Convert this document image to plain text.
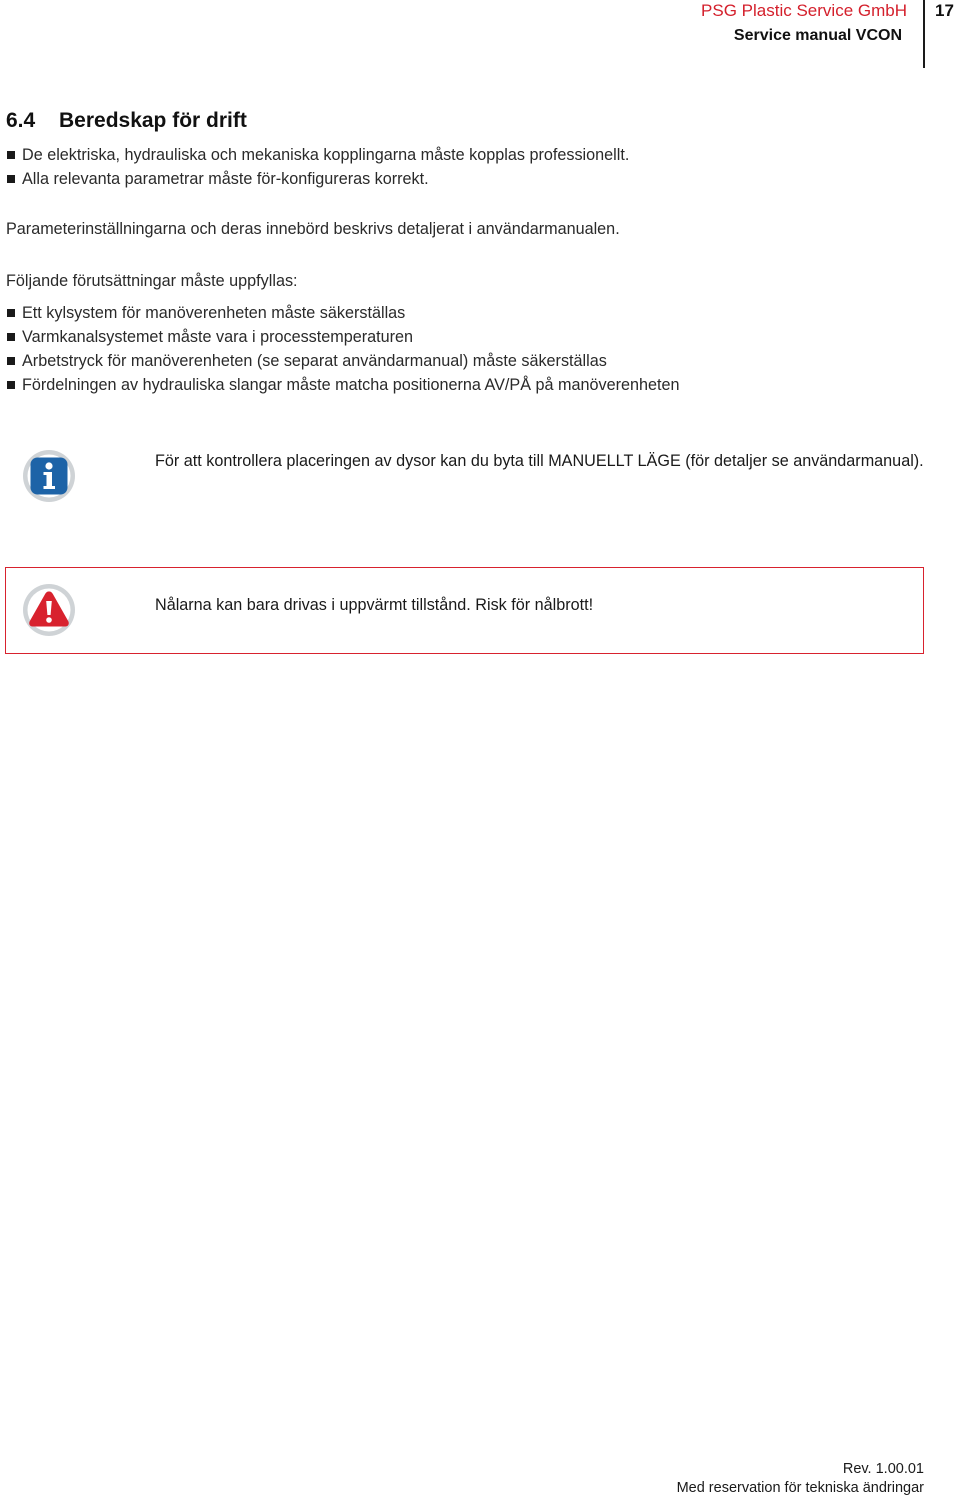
PSG Plastic Service GmbH
Service manual VCON
17
6.4 Beredskap för drift
De elektriska, hydrauliska och mekaniska kopplingarna måste kopplas professionellt.
Alla relevanta parametrar måste för-konfigureras korrekt.
Parameterinställningarna och deras innebörd beskrivs detaljerat i användarmanualen.
Följande förutsättningar måste uppfyllas:
Ett kylsystem för manöverenheten måste säkerställas
Varmkanalsystemet måste vara i processtemperaturen
Arbetstryck för manöverenheten (se separat användarmanual) måste säkerställas
Fördelningen av hydrauliska slangar måste matcha positionerna AV/PÅ på manöverenheten
För att kontrollera placeringen av dysor kan du byta till MANUELLT LÄGE (för detaljer se användarmanual).
Nålarna kan bara drivas i uppvärmt tillstånd. Risk för nålbrott!
Rev. 1.00.01
Med reservation för tekniska ändringar
